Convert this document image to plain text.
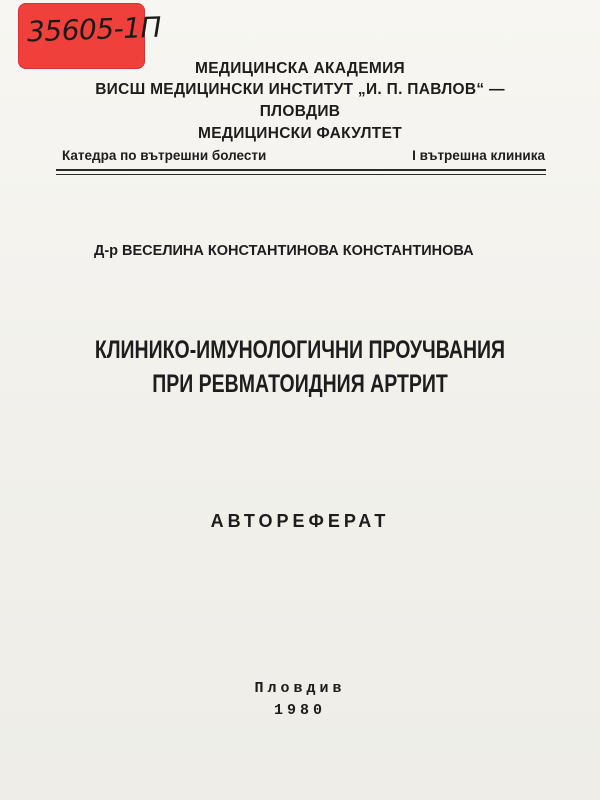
35605-1П
МЕДИЦИНСКА АКАДЕМИЯ
ВИСШ МЕДИЦИНСКИ ИНСТИТУТ „И. П. ПАВЛОВ“ —
ПЛОВДИВ
МЕДИЦИНСКИ ФАКУЛТЕТ
Катедра по вътрешни болести	I вътрешна клиника
Д-р ВЕСЕЛИНА КОНСТАНТИНОВА КОНСТАНТИНОВА
КЛИНИКО-ИМУНОЛОГИЧНИ ПРОУЧВАНИЯ
ПРИ РЕВМАТОИДНИЯ АРТРИТ
АВТОРЕФЕРАТ
Пловдив
1980
